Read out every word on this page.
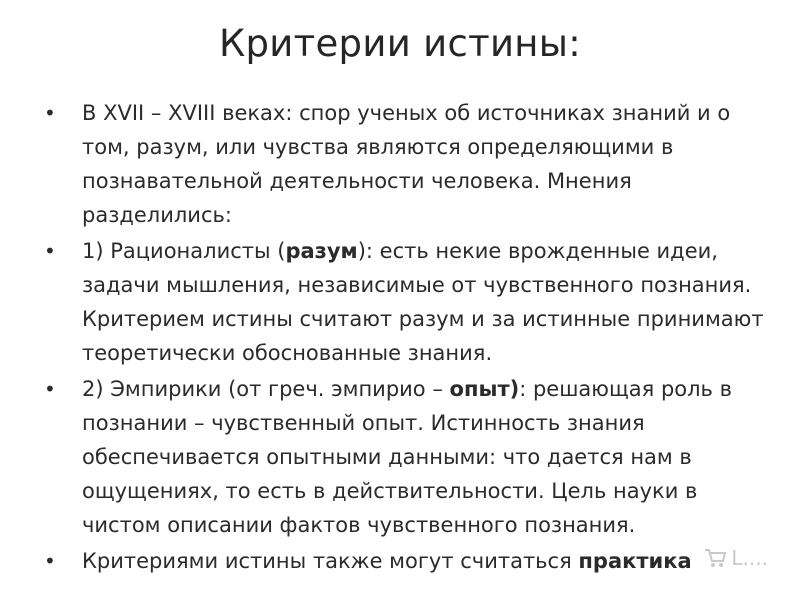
Критерии истины:
•	В XVII – XVIII веках: спор ученых об источниках знаний и о том, разум, или чувства являются определяющими в познавательной деятельности человека. Мнения разделились:
•	1) Рационалисты (разум): есть некие врожденные идеи, задачи мышления, независимые от чувственного познания. Критерием истины считают разум и за истинные принимают теоретически обоснованные знания.
•	2) Эмпирики (от греч. эмпирио – опыт): решающая роль в познании – чувственный опыт. Истинность знания обеспечивается опытными данными: что дается нам в ощущениях, то есть в действительности. Цель науки в чистом описании фактов чувственного познания.
•	Критериями истины также могут считаться практика	L....
